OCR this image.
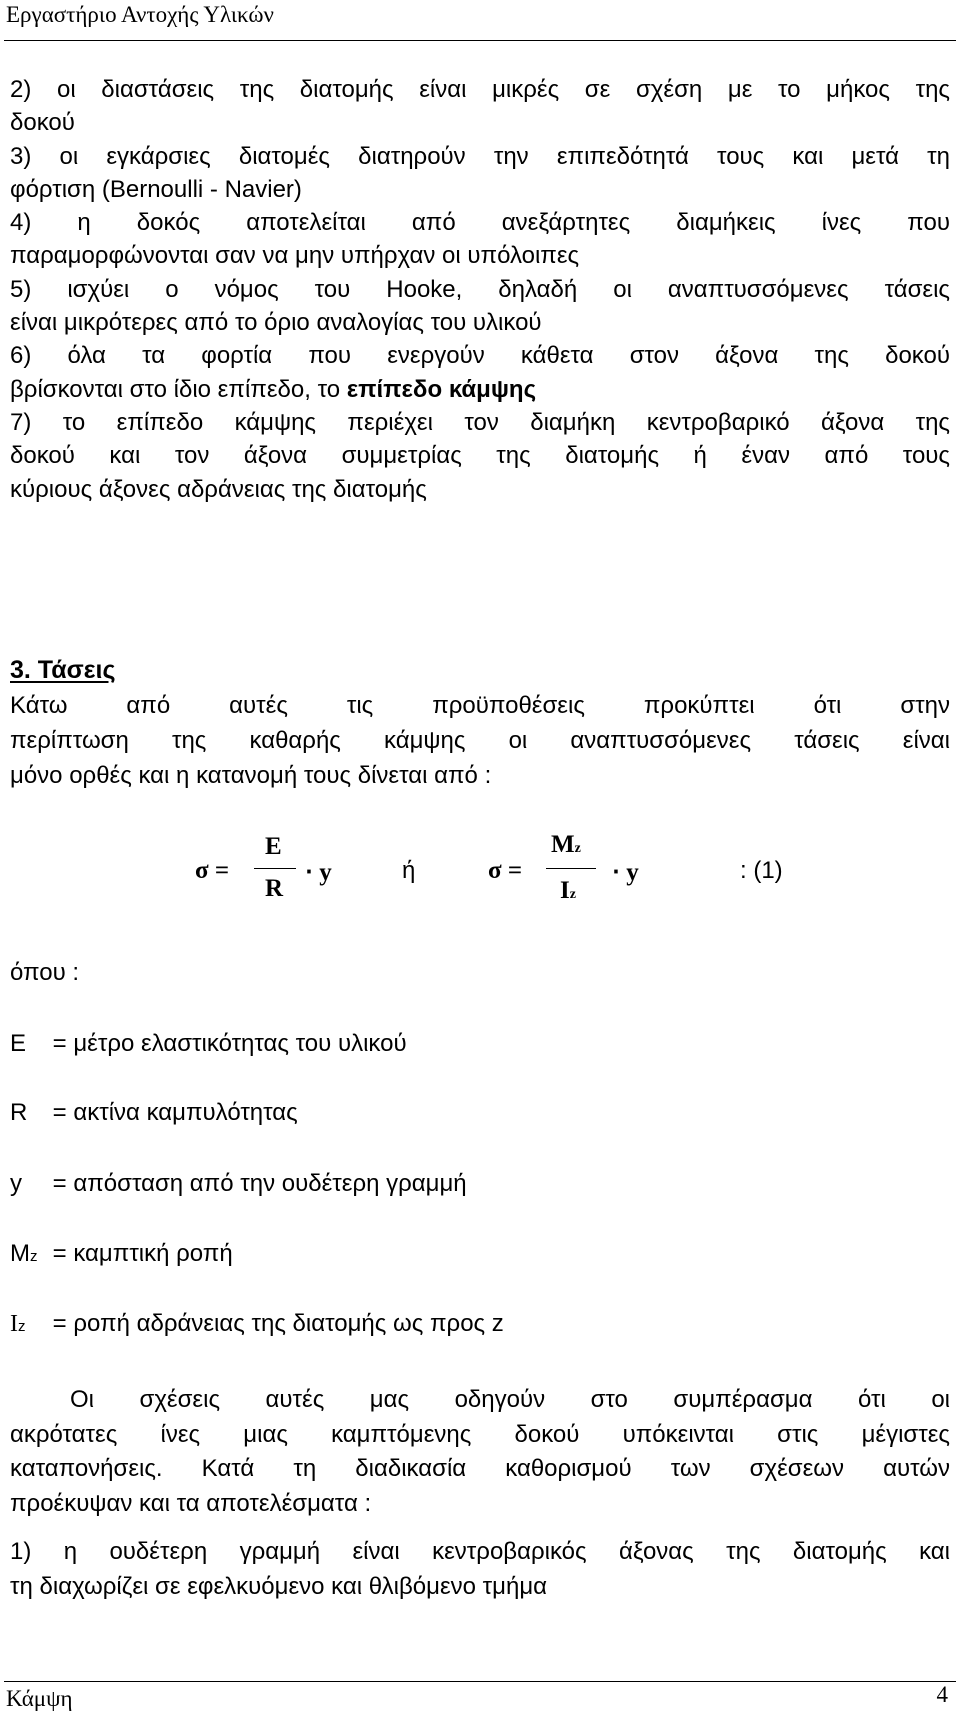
Εργαστήριο Αντοχής Υλικών
2) οι διαστάσεις της διατομής είναι μικρές σε σχέση με το μήκος της
δοκού
3) οι εγκάρσιες διατομές διατηρούν την επιπεδότητά τους και μετά τη
φόρτιση (Bernoulli - Navier)
4) η δοκός αποτελείται από ανεξάρτητες διαμήκεις ίνες που
παραμορφώνονται σαν να μην υπήρχαν οι υπόλοιπες
5) ισχύει ο νόμος του Hooke, δηλαδή οι αναπτυσσόμενες τάσεις
είναι μικρότερες από το όριο αναλογίας του υλικού
6) όλα τα φορτία που ενεργούν κάθετα στον άξονα της δοκού
βρίσκονται στο ίδιο επίπεδο, το επίπεδο κάμψης
7) το επίπεδο κάμψης περιέχει τον διαμήκη κεντροβαρικό άξονα της
δοκού και τον άξονα συμμετρίας της διατομής ή έναν από τους
κύριους άξονες αδράνειας της διατομής
3. Τάσεις
Κάτω από αυτές τις προϋποθέσεις προκύπτει ότι στην
περίπτωση της καθαρής κάμψης οι αναπτυσσόμενες τάσεις είναι
μόνο ορθές και η κατανομή τους δίνεται από :
σ =
E
R
⋅ y	ή	σ =
Mz
Iz
⋅ y	: (1)
όπου :
E = μέτρο ελαστικότητας του υλικού
R = ακτίνα καμπυλότητας
y = απόσταση από την ουδέτερη γραμμή
Mz = καμπτική ροπή
Iz = ροπή αδράνειας της διατομής ως προς z
Οι σχέσεις αυτές μας οδηγούν στο συμπέρασμα ότι οι
ακρότατες ίνες μιας καμπτόμενης δοκού υπόκεινται στις μέγιστες
καταπονήσεις. Κατά τη διαδικασία καθορισμού των σχέσεων αυτών
προέκυψαν και τα αποτελέσματα :
1) η ουδέτερη γραμμή είναι κεντροβαρικός άξονας της διατομής και
τη διαχωρίζει σε εφελκυόμενο και θλιβόμενο τμήμα
Κάμψη	4
